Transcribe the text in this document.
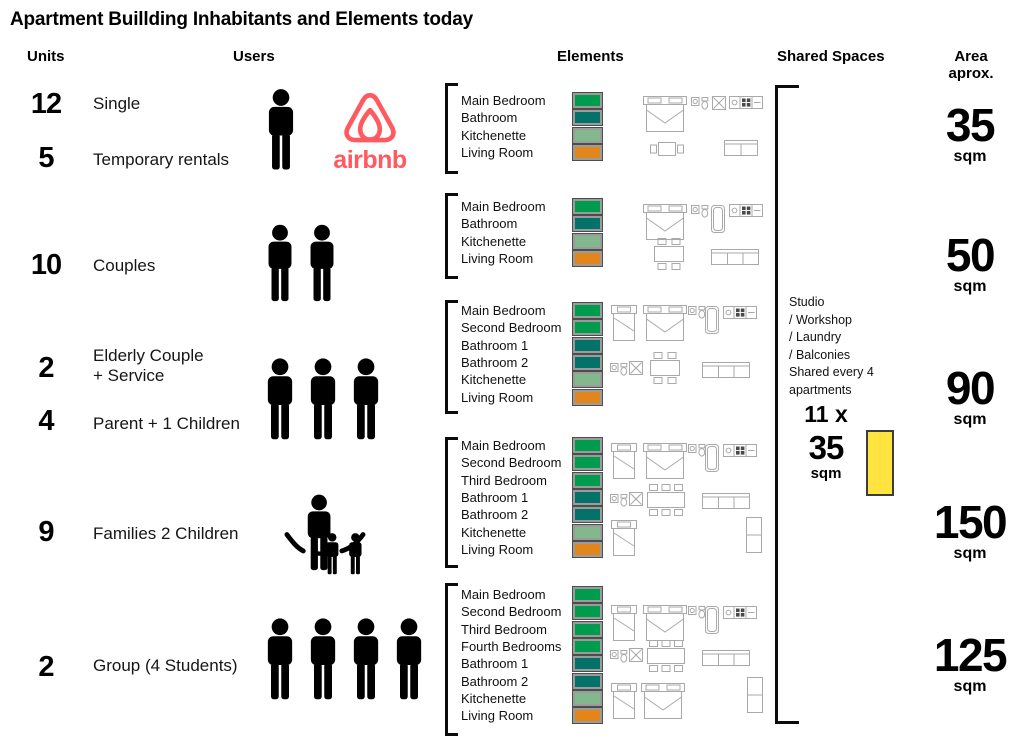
Apartment Buillding Inhabitants and Elements today
Units	Users	Elements	Shared Spaces	Area
aprox.
12	Single
5	Temporary rentals
10	Couples
2	Elderly Couple
+ Service
4	Parent + 1 Children
9	Families 2 Children
2	Group (4 Students)
airbnb
Main Bedroom
Bathroom
Kitchenette
Living Room
Main Bedroom
Bathroom
Kitchenette
Living Room
Main Bedroom
Second Bedroom
Bathroom 1
Bathroom 2
Kitchenette
Living Room
Main Bedroom
Second Bedroom
Third Bedroom
Bathroom 1
Bathroom 2
Kitchenette
Living Room
Main Bedroom
Second Bedroom
Third Bedroom
Fourth Bedrooms
Bathroom 1
Bathroom 2
Kitchenette
Living Room
Studio
/ Workshop
/ Laundry
/ Balconies
Shared every 4
apartments
11 x
35
sqm
35
sqm
50
sqm
90
sqm
150
sqm
125
sqm
